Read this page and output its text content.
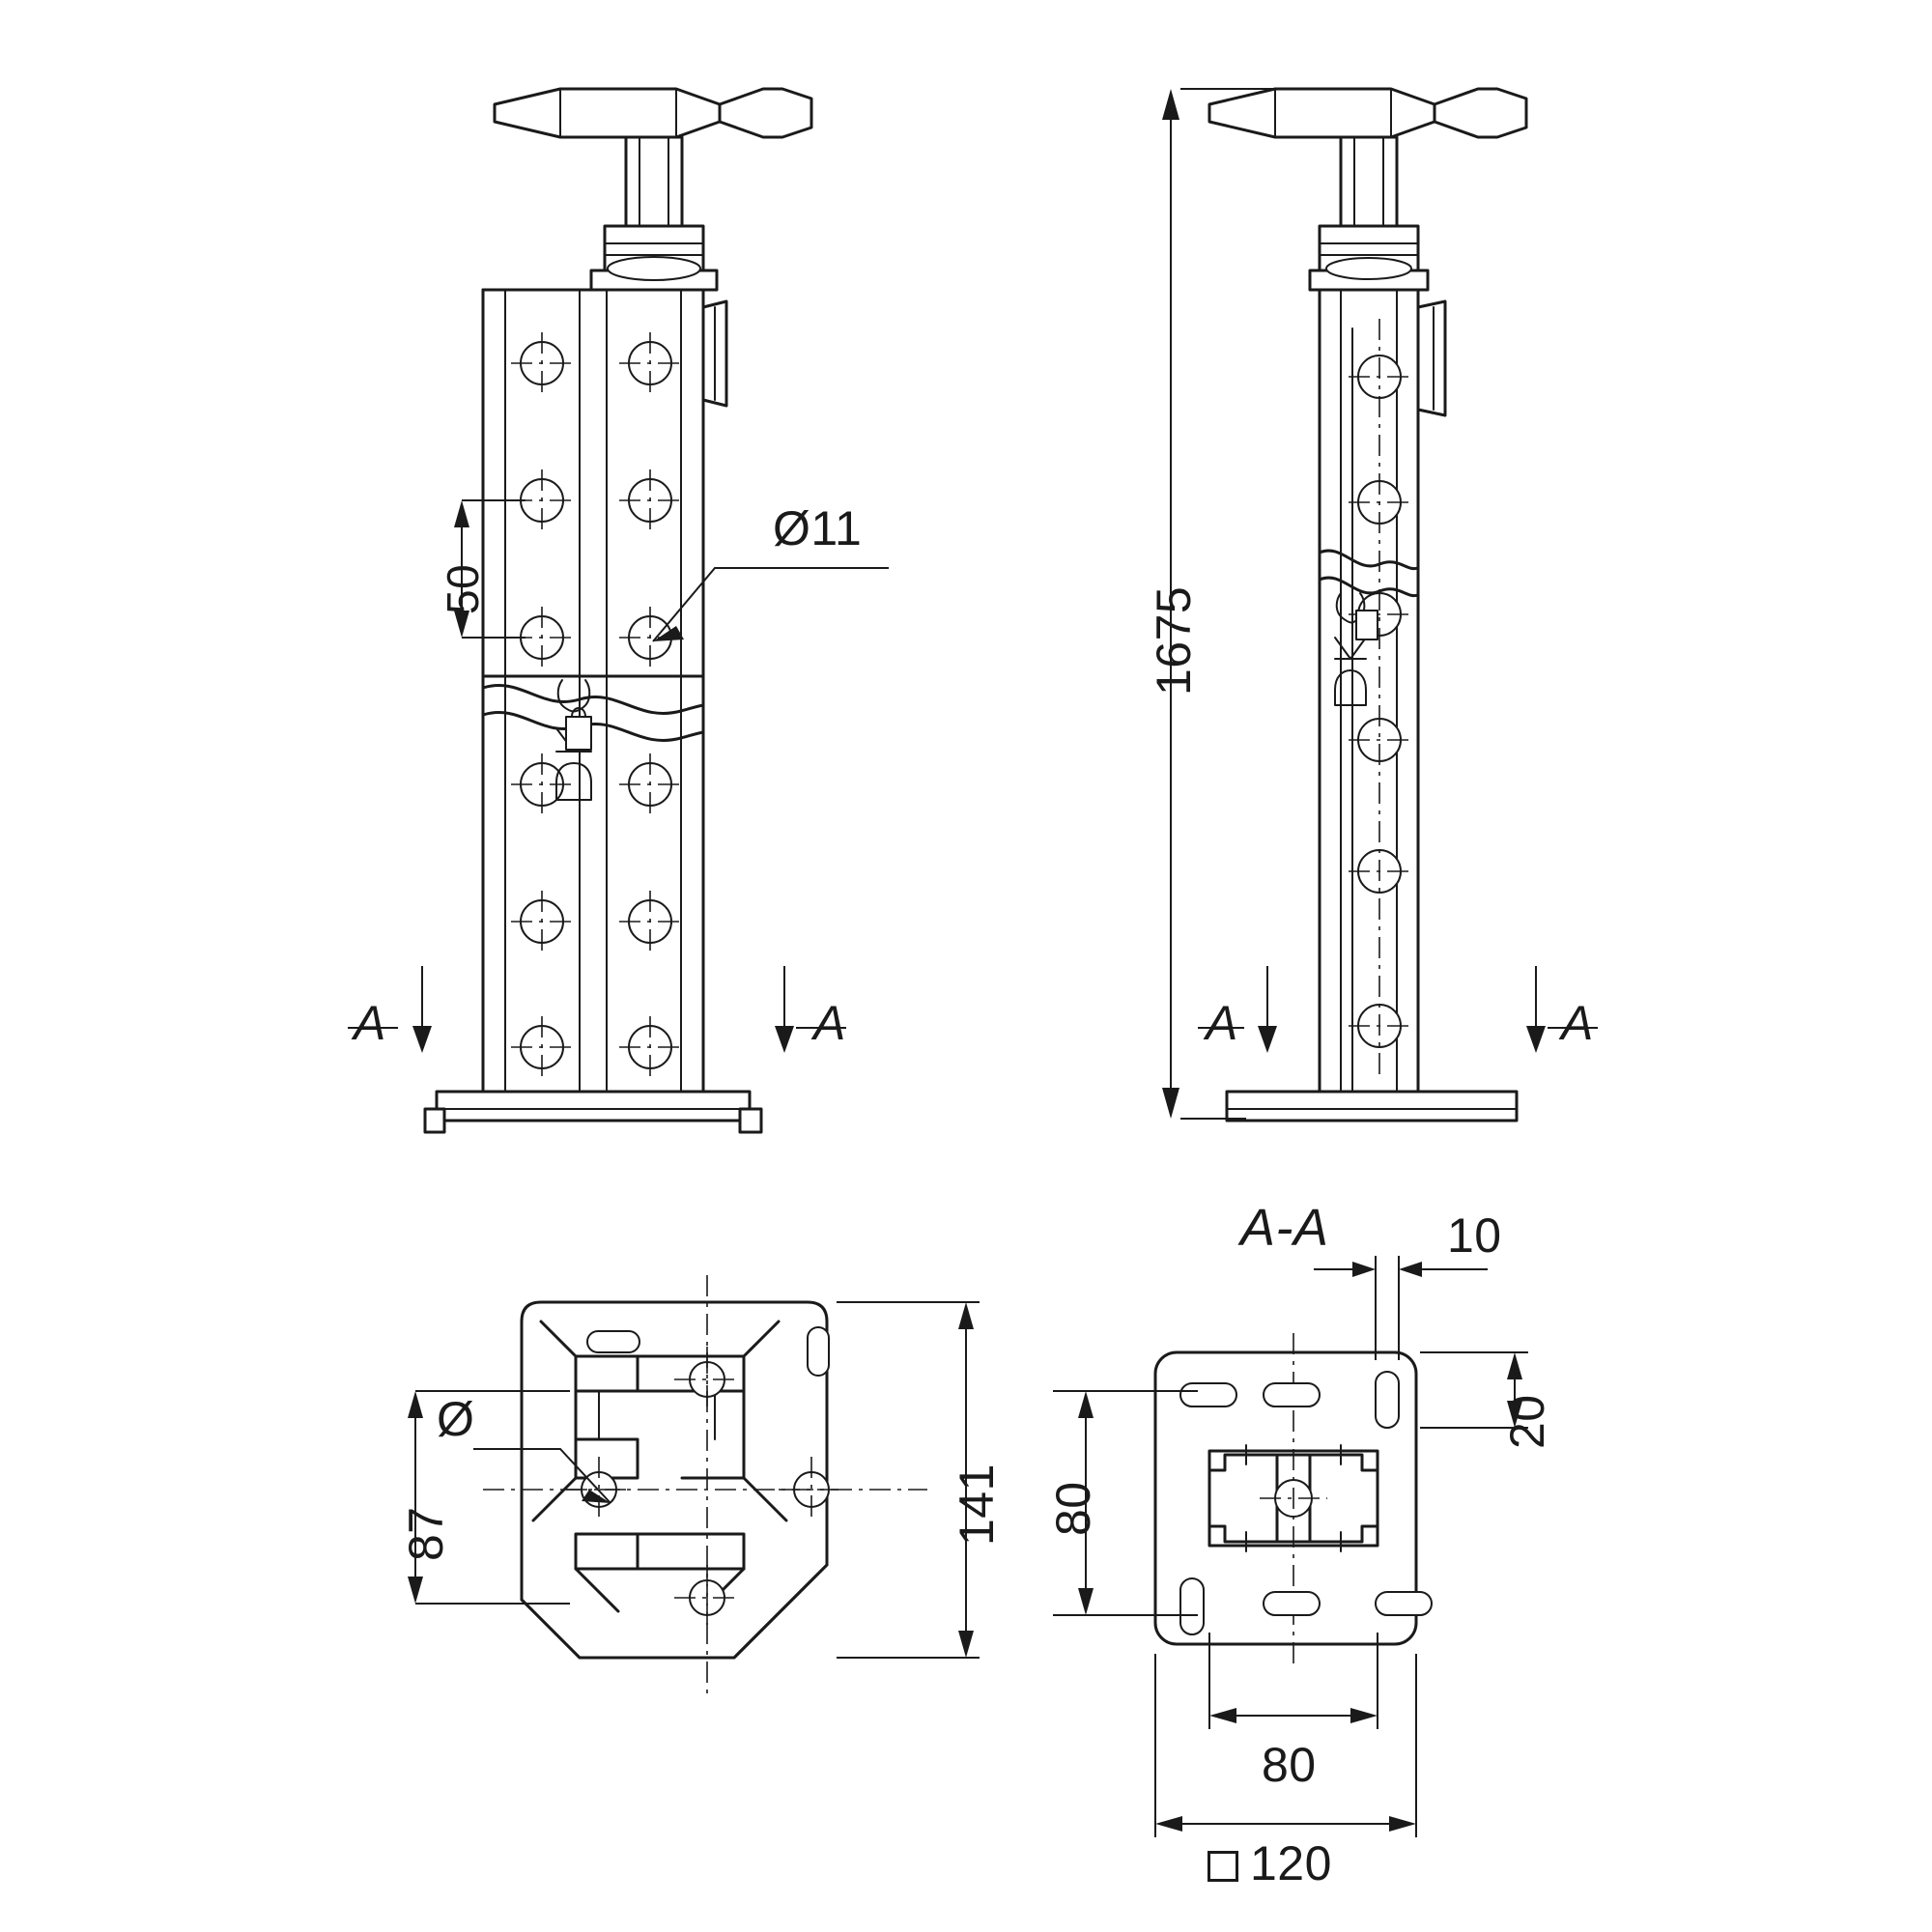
50
Ø11
1675
A	A	A	A
A-A
87
Ø
141
10
20
80
80
120
